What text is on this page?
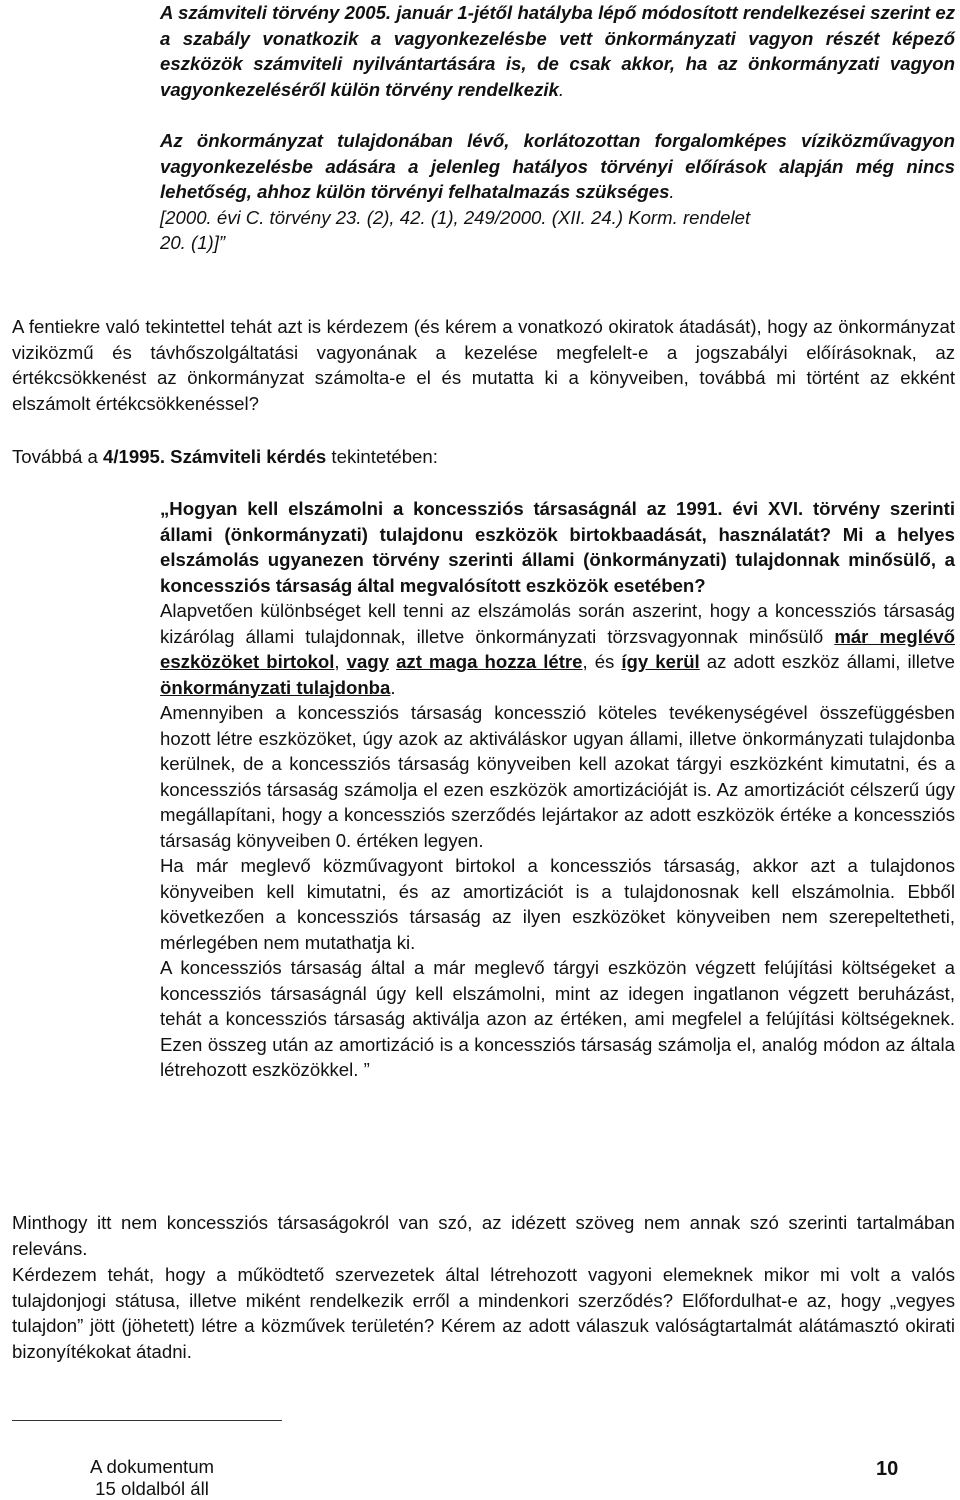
A számviteli törvény 2005. január 1-jétől hatályba lépő módosított rendelkezései szerint ez a szabály vonatkozik a vagyonkezelésbe vett önkormányzati vagyon részét képező eszközök számviteli nyilvántartására is, de csak akkor, ha az önkormányzati vagyon vagyonkezeléséről külön törvény rendelkezik.

Az önkormányzat tulajdonában lévő, korlátozottan forgalomképes víziközművagyon vagyonkezelésbe adására a jelenleg hatályos törvényi előírások alapján még nincs lehetőség, ahhoz külön törvényi felhatalmazás szükséges.

[2000. évi C. törvény 23. (2), 42. (1), 249/2000. (XII. 24.) Korm. rendelet

20. (1)]”

A fentiekre való tekintettel tehát azt is kérdezem (és kérem a vonatkozó okiratok átadását), hogy az önkormányzat viziközmű és távhőszolgáltatási vagyonának a kezelése megfelelt-e a jogszabályi előírásoknak, az értékcsökkenést az önkormányzat számolta-e el és mutatta ki a könyveiben, továbbá mi történt az ekként elszámolt értékcsökkenéssel?

Továbbá a 4/1995. Számviteli kérdés tekintetében:

„Hogyan kell elszámolni a koncessziós társaságnál az 1991. évi XVI. törvény szerinti állami (önkormányzati) tulajdonu eszközök birtokbaadását, használatát? Mi a helyes elszámolás ugyanezen törvény szerinti állami (önkormányzati) tulajdonnak minősülő, a koncessziós társaság által megvalósított eszközök esetében?

Alapvetően különbséget kell tenni az elszámolás során aszerint, hogy a koncessziós társaság kizárólag állami tulajdonnak, illetve önkormányzati törzsvagyonnak minősülő már meglévő eszközöket birtokol, vagy azt maga hozza létre, és így kerül az adott eszköz állami, illetve önkormányzati tulajdonba.

Amennyiben a koncessziós társaság koncesszió köteles tevékenységével összefüggésben hozott létre eszközöket, úgy azok az aktiváláskor ugyan állami, illetve önkormányzati tulajdonba kerülnek, de a koncessziós társaság könyveiben kell azokat tárgyi eszközként kimutatni, és a koncessziós társaság számolja el ezen eszközök amortizációját is. Az amortizációt célszerű úgy megállapítani, hogy a koncessziós szerződés lejártakor az adott eszközök értéke a koncessziós társaság könyveiben 0. értéken legyen.

Ha már meglevő közművagyont birtokol a koncessziós társaság, akkor azt a tulajdonos könyveiben kell kimutatni, és az amortizációt is a tulajdonosnak kell elszámolnia. Ebből következően a koncessziós társaság az ilyen eszközöket könyveiben nem szerepeltetheti, mérlegében nem mutathatja ki.

A koncessziós társaság által a már meglevő tárgyi eszközön végzett felújítási költségeket a koncessziós társaságnál úgy kell elszámolni, mint az idegen ingatlanon végzett beruházást, tehát a koncessziós társaság aktiválja azon az értéken, ami megfelel a felújítási költségeknek. Ezen összeg után az amortizáció is a koncessziós társaság számolja el, analóg módon az általa létrehozott eszközökkel. ”

Minthogy itt nem koncessziós társaságokról van szó, az idézett szöveg nem annak szó szerinti tartalmában releváns.

Kérdezem tehát, hogy a működtető szervezetek által létrehozott vagyoni elemeknek mikor mi volt a valós tulajdonjogi státusa, illetve miként rendelkezik erről a mindenkori szerződés? Előfordulhat-e az, hogy „vegyes tulajdon” jött (jöhetett) létre a közművek területén? Kérem az adott válaszuk valóságtartalmát alátámasztó okirati bizonyítékokat átadni.

A dokumentum
15 oldalból áll
10
